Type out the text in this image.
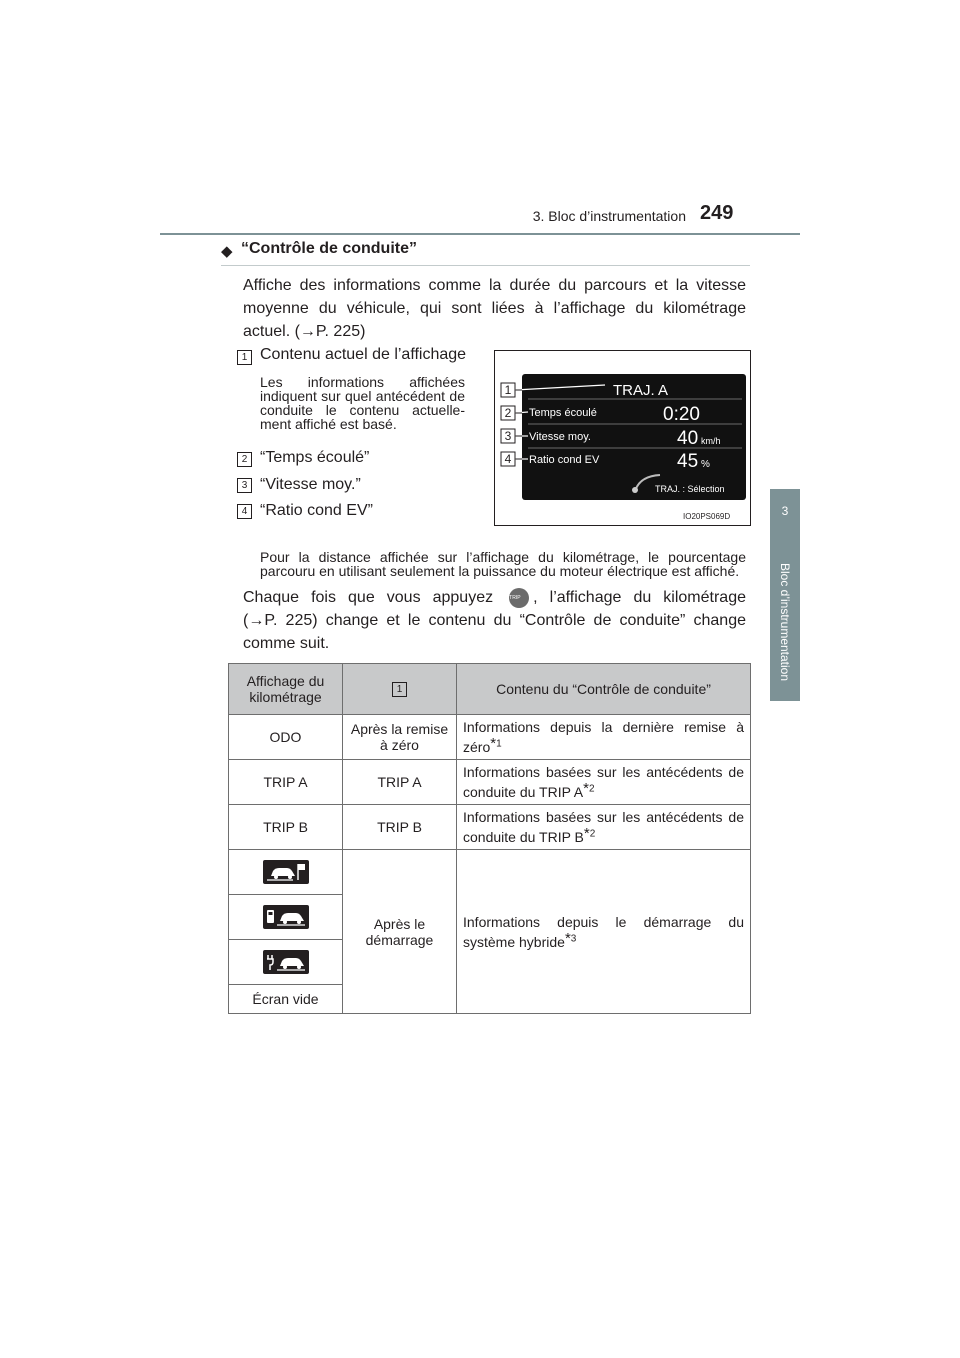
3. Bloc d’instrumentation 249
3
Bloc d’instrumentation
◆ “Contrôle de conduite”
Affiche des informations comme la durée du parcours et la vitesse
moyenne du véhicule, qui sont liées à l’affichage du kilométrage
actuel. (→P. 225)
1 Contenu actuel de l’affichage
Les informations affichées indiquent sur quel antécédent de conduite le contenu actuelle-ment affiché est basé.
2 “Temps écoulé”
3 “Vitesse moy.”
4 “Ratio cond EV”
Pour la distance affichée sur l’affichage du kilométrage, le pourcentage parcouru en utilisant seulement la puissance du moteur électrique est affiché.
1
2
3
4
TRAJ. A
Temps écoulé	0:20
Vitesse moy.	40 km/h
Ratio cond EV	45 %
TRAJ. : Sélection
IO20PS069D
Chaque fois que vous appuyez	TRIP , l’affichage du kilométrage
(→P. 225) change et le contenu du “Contrôle de conduite” change
comme suit.
Affichage du kilométrage	1	Contenu du “Contrôle de conduite”
ODO	Après la remise à zéro	Informations depuis la dernière remise à zéro*$^1$
TRIP A	TRIP A	Informations basées sur les antécédents de conduite du TRIP A*$^2$
TRIP B	TRIP B	Informations basées sur les antécédents de conduite du TRIP B*$^2$
	Après le démarrage	Informations depuis le démarrage du système hybride*$^3$

Écran vide		
